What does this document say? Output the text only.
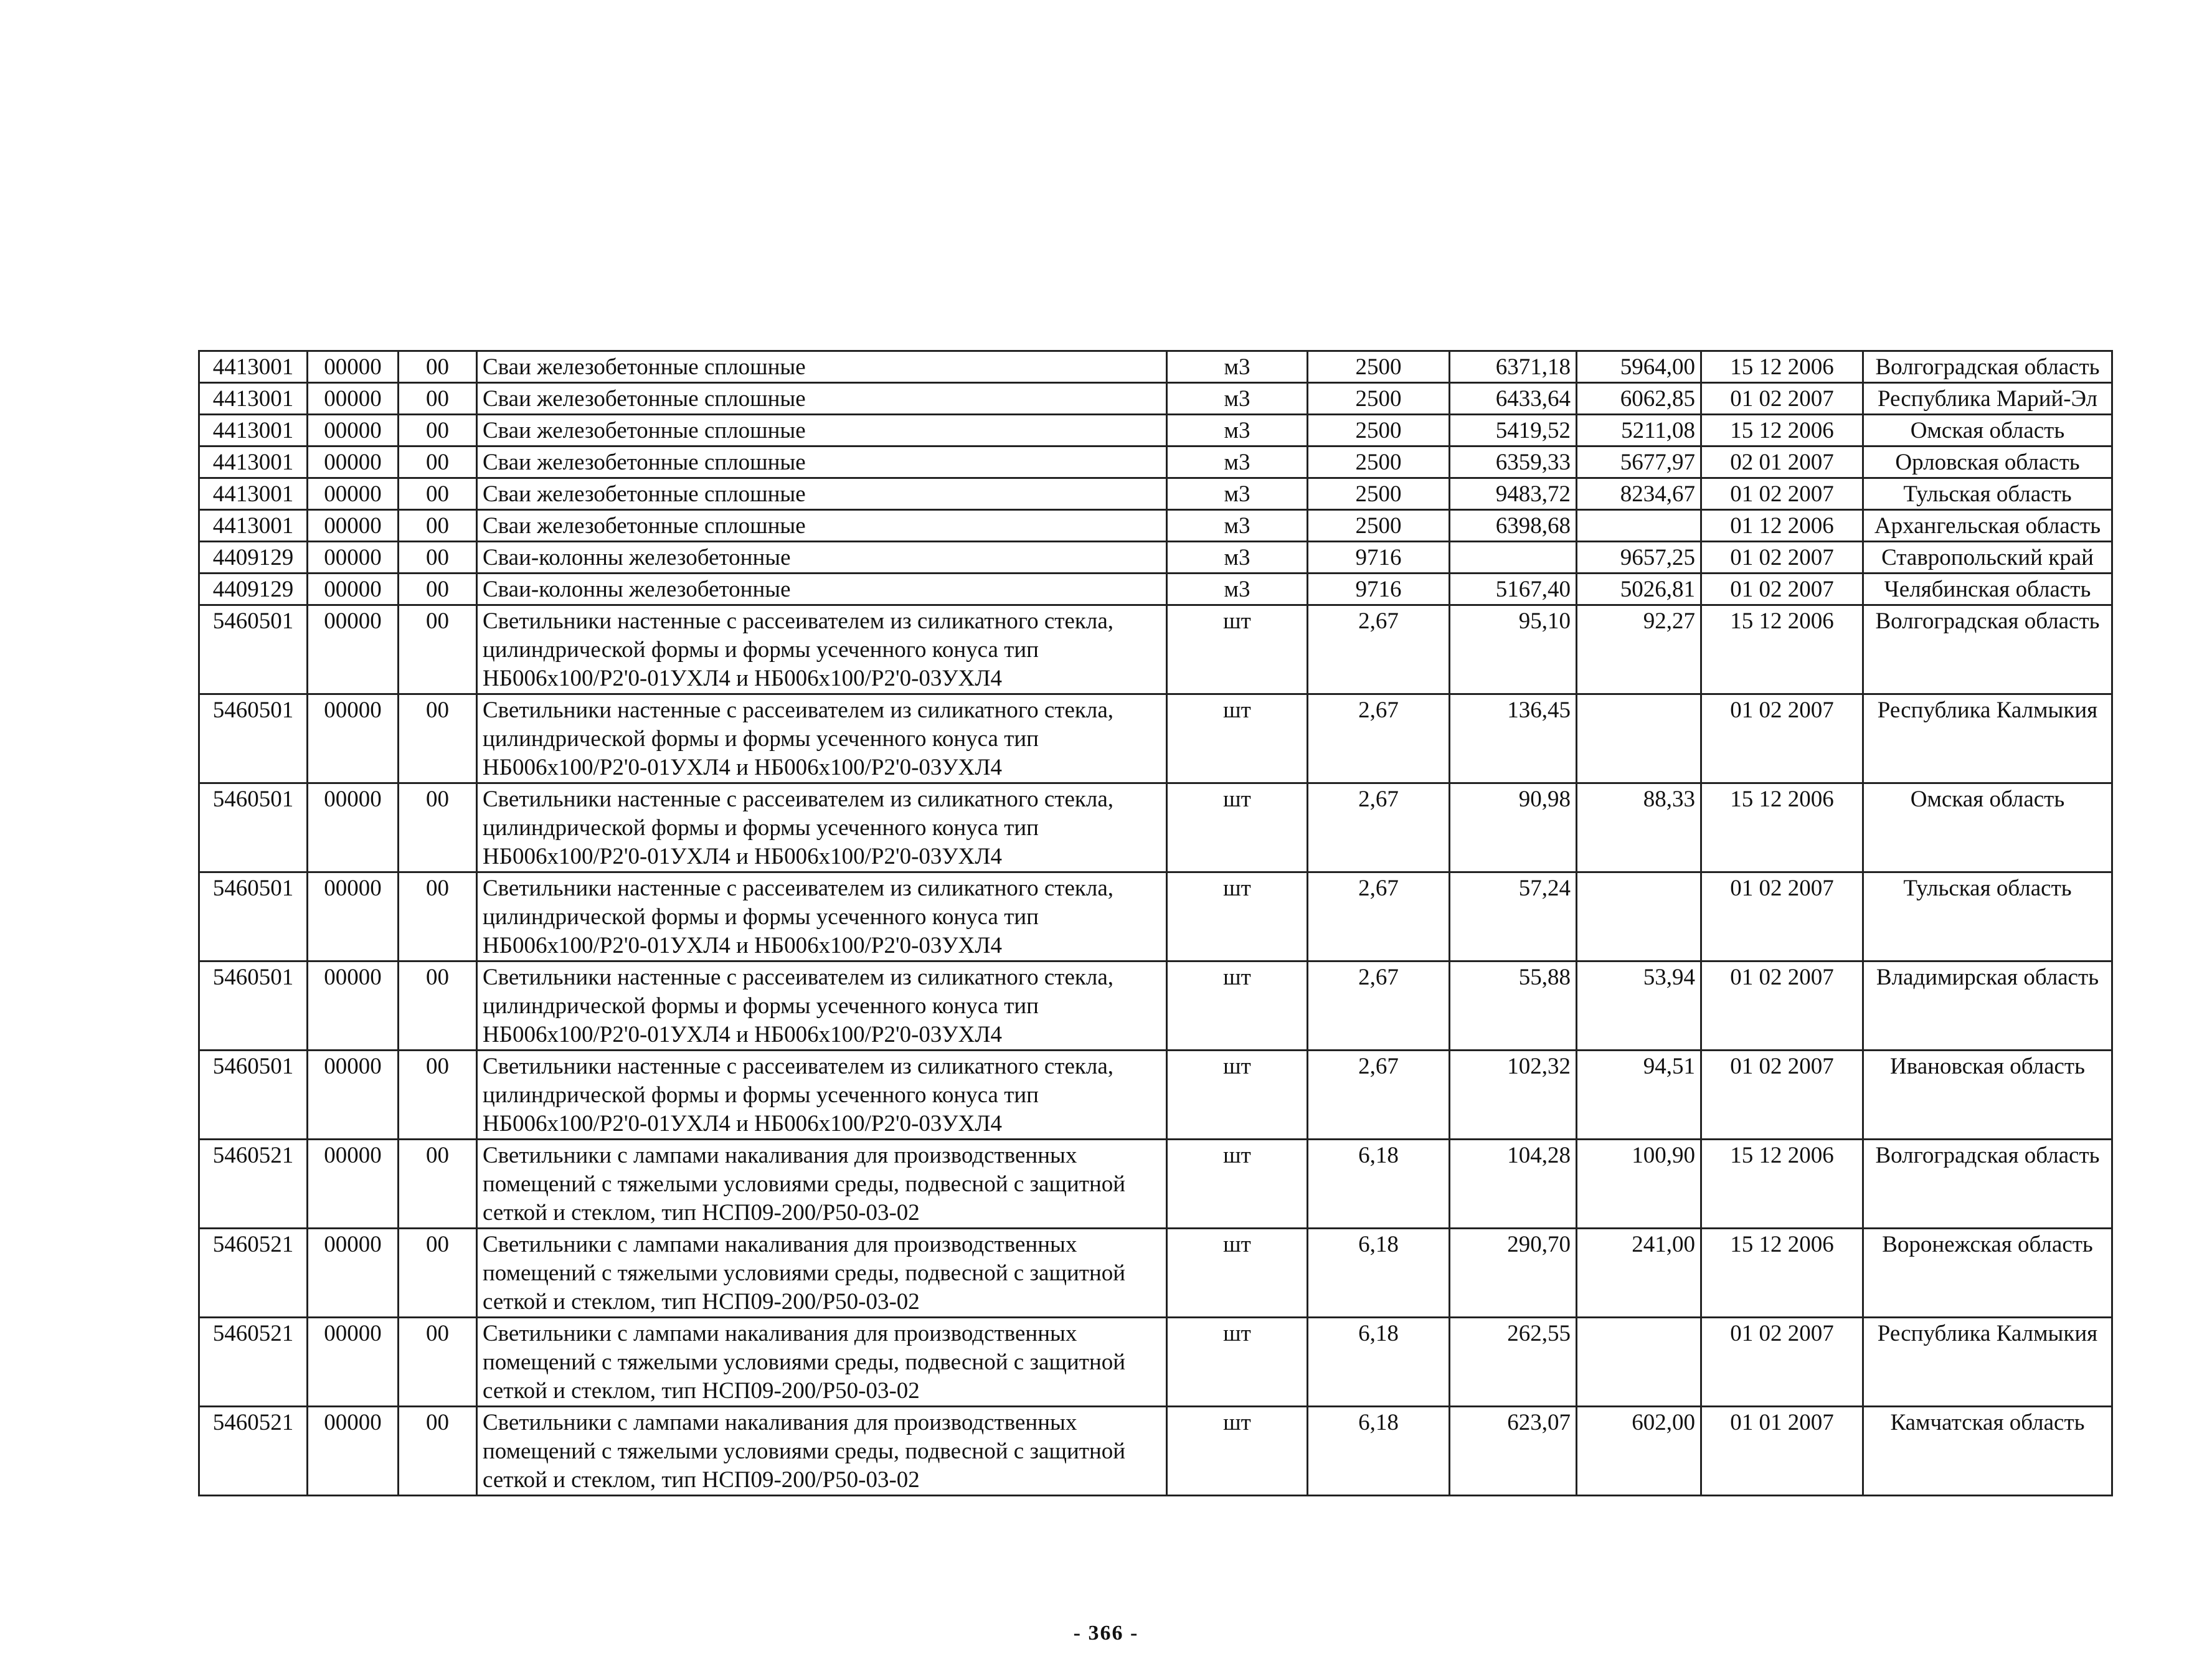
4413001	00000	00	Сваи железобетонные сплошные	м3	2500	6371,18	5964,00	15 12 2006	Волгоградская область
4413001	00000	00	Сваи железобетонные сплошные	м3	2500	6433,64	6062,85	01 02 2007	Республика Марий-Эл
4413001	00000	00	Сваи железобетонные сплошные	м3	2500	5419,52	5211,08	15 12 2006	Омская область
4413001	00000	00	Сваи железобетонные сплошные	м3	2500	6359,33	5677,97	02 01 2007	Орловская область
4413001	00000	00	Сваи железобетонные сплошные	м3	2500	9483,72	8234,67	01 02 2007	Тульская область
4413001	00000	00	Сваи железобетонные сплошные	м3	2500	6398,68		01 12 2006	Архангельская область
4409129	00000	00	Сваи-колонны железобетонные	м3	9716		9657,25	01 02 2007	Ставропольский край
4409129	00000	00	Сваи-колонны железобетонные	м3	9716	5167,40	5026,81	01 02 2007	Челябинская область
5460501	00000	00	Светильники настенные с рассеивателем из силикатного стекла, цилиндрической формы и формы усеченного конуса тип НБ006х100/Р2'0-01УХЛ4 и НБ006х100/Р2'0-03УХЛ4	шт	2,67	95,10	92,27	15 12 2006	Волгоградская область
5460501	00000	00	Светильники настенные с рассеивателем из силикатного стекла, цилиндрической формы и формы усеченного конуса тип НБ006х100/Р2'0-01УХЛ4 и НБ006х100/Р2'0-03УХЛ4	шт	2,67	136,45		01 02 2007	Республика Калмыкия
5460501	00000	00	Светильники настенные с рассеивателем из силикатного стекла, цилиндрической формы и формы усеченного конуса тип НБ006х100/Р2'0-01УХЛ4 и НБ006х100/Р2'0-03УХЛ4	шт	2,67	90,98	88,33	15 12 2006	Омская область
5460501	00000	00	Светильники настенные с рассеивателем из силикатного стекла, цилиндрической формы и формы усеченного конуса тип НБ006х100/Р2'0-01УХЛ4 и НБ006х100/Р2'0-03УХЛ4	шт	2,67	57,24		01 02 2007	Тульская область
5460501	00000	00	Светильники настенные с рассеивателем из силикатного стекла, цилиндрической формы и формы усеченного конуса тип НБ006х100/Р2'0-01УХЛ4 и НБ006х100/Р2'0-03УХЛ4	шт	2,67	55,88	53,94	01 02 2007	Владимирская область
5460501	00000	00	Светильники настенные с рассеивателем из силикатного стекла, цилиндрической формы и формы усеченного конуса тип НБ006х100/Р2'0-01УХЛ4 и НБ006х100/Р2'0-03УХЛ4	шт	2,67	102,32	94,51	01 02 2007	Ивановская область
5460521	00000	00	Светильники с лампами накаливания для производственных помещений с тяжелыми условиями среды, подвесной с защитной сеткой и стеклом, тип НСП09-200/Р50-03-02	шт	6,18	104,28	100,90	15 12 2006	Волгоградская область
5460521	00000	00	Светильники с лампами накаливания для производственных помещений с тяжелыми условиями среды, подвесной с защитной сеткой и стеклом, тип НСП09-200/Р50-03-02	шт	6,18	290,70	241,00	15 12 2006	Воронежская область
5460521	00000	00	Светильники с лампами накаливания для производственных помещений с тяжелыми условиями среды, подвесной с защитной сеткой и стеклом, тип НСП09-200/Р50-03-02	шт	6,18	262,55		01 02 2007	Республика Калмыкия
5460521	00000	00	Светильники с лампами накаливания для производственных помещений с тяжелыми условиями среды, подвесной с защитной сеткой и стеклом, тип НСП09-200/Р50-03-02	шт	6,18	623,07	602,00	01 01 2007	Камчатская область
- 366 -
